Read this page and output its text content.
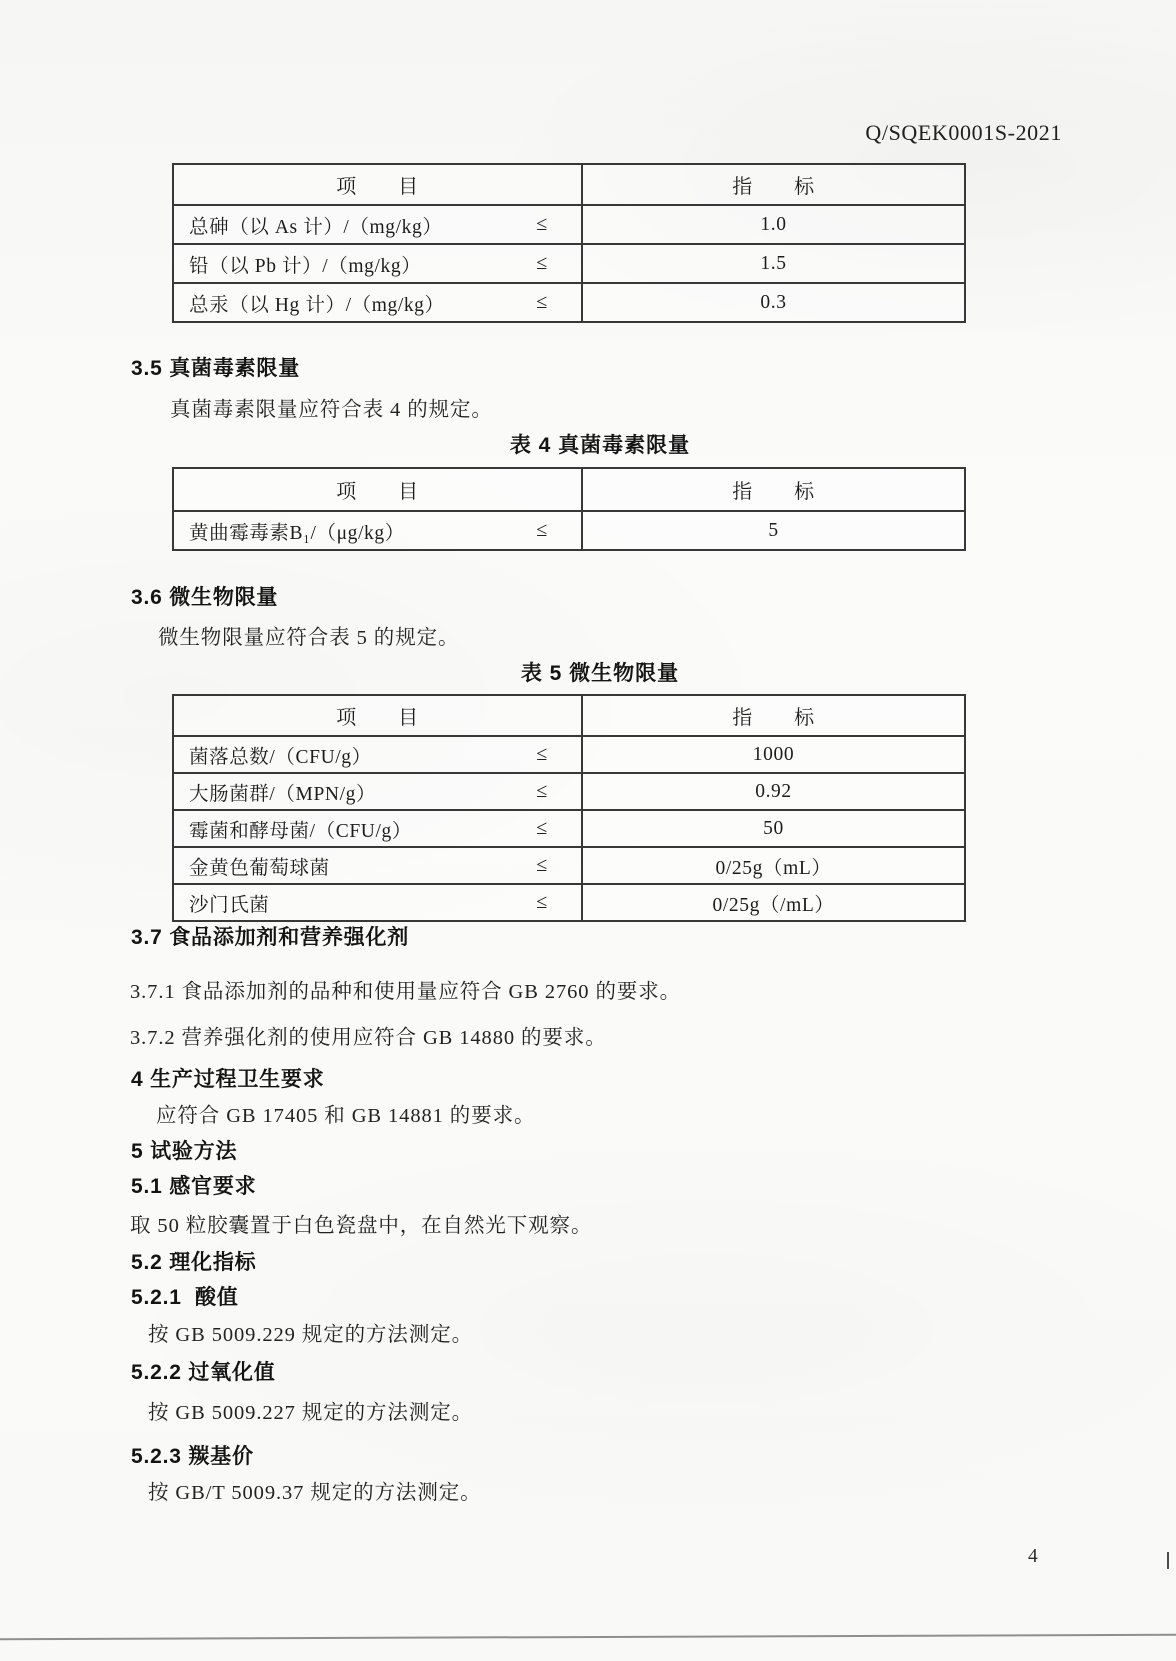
Q/SQEK0001S-2021
项　　目	指　　标
总砷（以 As 计）/（mg/kg）	≤	1.0
铅（以 Pb 计）/（mg/kg）	≤	1.5
总汞（以 Hg 计）/（mg/kg）	≤	0.3
3.5 真菌毒素限量
真菌毒素限量应符合表 4 的规定。
表 4 真菌毒素限量
项　　目	指　　标
黄曲霉毒素B₁/（μg/kg）	≤	5
3.6 微生物限量
微生物限量应符合表 5 的规定。
表 5 微生物限量
项　　目	指　　标
菌落总数/（CFU/g）	≤	1000
大肠菌群/（MPN/g）	≤	0.92
霉菌和酵母菌/（CFU/g）	≤	50
金黄色葡萄球菌	≤	0/25g（mL）
沙门氏菌	≤	0/25g（/mL）
3.7 食品添加剂和营养强化剂
3.7.1 食品添加剂的品种和使用量应符合 GB 2760 的要求。
3.7.2 营养强化剂的使用应符合 GB 14880 的要求。
4 生产过程卫生要求
应符合 GB 17405 和 GB 14881 的要求。
5 试验方法
5.1 感官要求
取 50 粒胶囊置于白色瓷盘中，在自然光下观察。
5.2 理化指标
5.2.1  酸值
按 GB 5009.229 规定的方法测定。
5.2.2 过氧化值
按 GB 5009.227 规定的方法测定。
5.2.3 羰基价
按 GB/T 5009.37 规定的方法测定。
4
